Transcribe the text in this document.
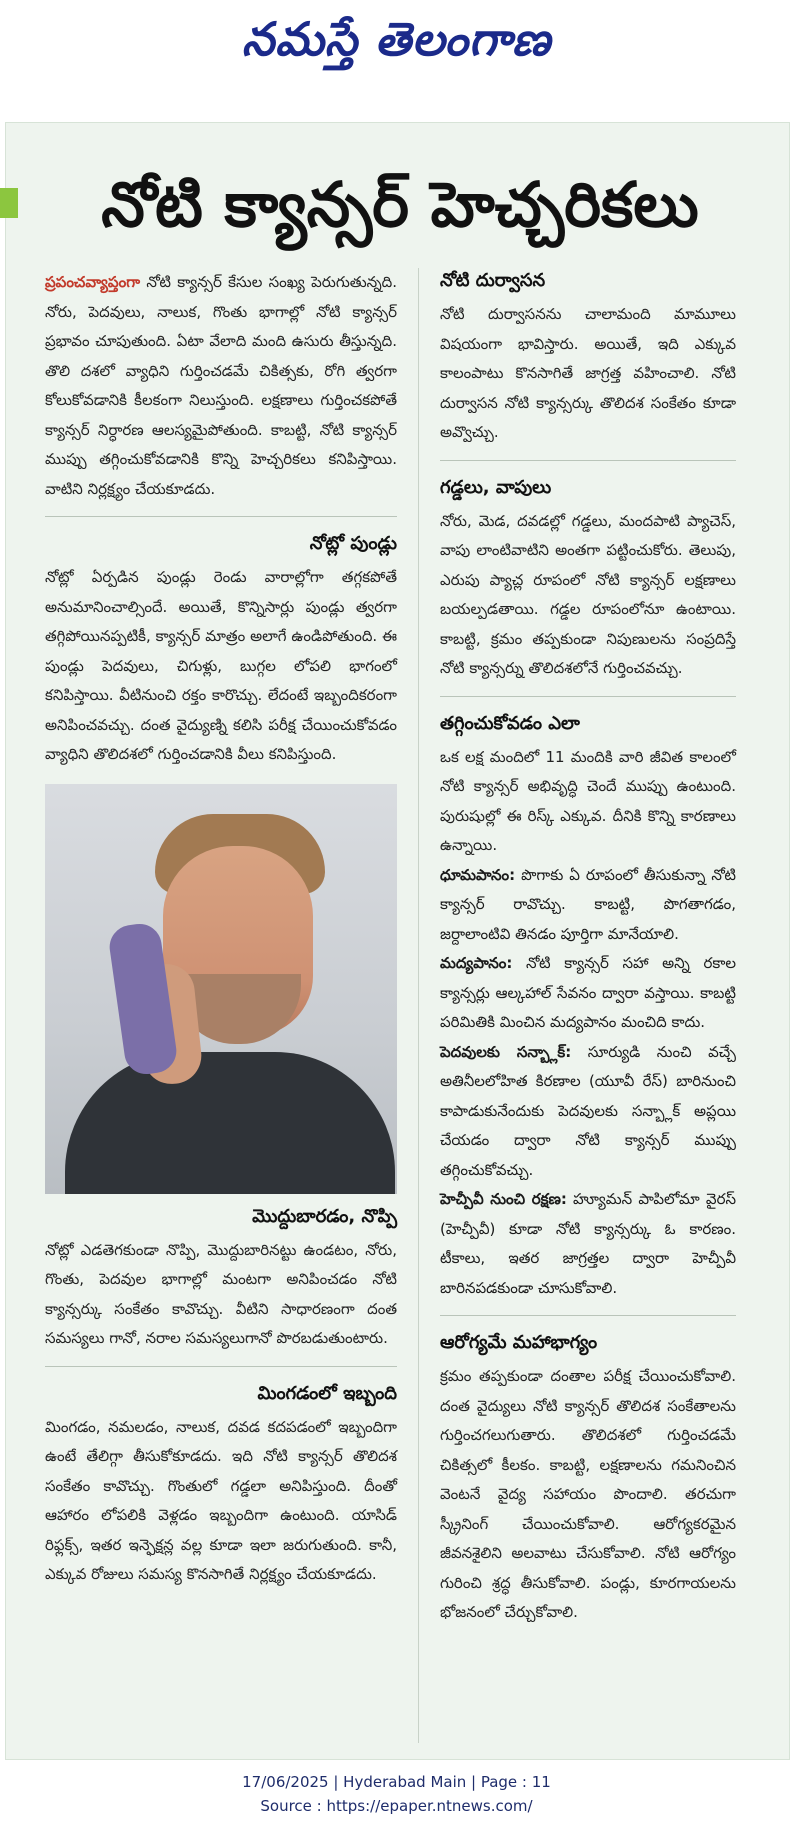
నమస్తే తెలంగాణ
నోటి క్యాన్సర్ హెచ్చరికలు

ప్రపంచవ్యాప్తంగా నోటి క్యాన్సర్ కేసుల సంఖ్య పెరుగుతున్నది. నోరు, పెదవులు, నాలుక, గొంతు భాగాల్లో నోటి క్యాన్సర్ ప్రభావం చూపుతుంది. ఏటా వేలాది మంది ఉసురు తీస్తున్నది. తొలి దశలో వ్యాధిని గుర్తించడమే చికిత్సకు, రోగి త్వరగా కోలుకోవడానికి కీలకంగా నిలుస్తుంది. లక్షణాలు గుర్తించకపోతే క్యాన్సర్ నిర్ధారణ ఆలస్యమైపోతుంది. కాబట్టి, నోటి క్యాన్సర్ ముప్పు తగ్గించుకోవడానికి కొన్ని హెచ్చరికలు కనిపిస్తాయి. వాటిని నిర్లక్ష్యం చేయకూడదు.

నోట్లో పుండ్లు

నోట్లో ఏర్పడిన పుండ్లు రెండు వారాల్లోగా తగ్గకపోతే అనుమానించాల్సిందే. అయితే, కొన్నిసార్లు పుండ్లు త్వరగా తగ్గిపోయినప్పటికీ, క్యాన్సర్ మాత్రం అలాగే ఉండిపోతుంది. ఈ పుండ్లు పెదవులు, చిగుళ్లు, బుగ్గల లోపలి భాగంలో కనిపిస్తాయి. వీటినుంచి రక్తం కారొచ్చు. లేదంటే ఇబ్బందికరంగా అనిపించవచ్చు. దంత వైద్యుణ్ని కలిసి పరీక్ష చేయించుకోవడం వ్యాధిని తొలిదశలో గుర్తించడానికి వీలు కనిపిస్తుంది.

మొద్దుబారడం, నొప్పి

నోట్లో ఎడతెగకుండా నొప్పి, మొద్దుబారినట్టు ఉండటం, నోరు, గొంతు, పెదవుల భాగాల్లో మంటగా అనిపించడం నోటి క్యాన్సర్కు సంకేతం కావొచ్చు. వీటిని సాధారణంగా దంత సమస్యలు గానో, నరాల సమస్యలుగానో పొరబడుతుంటారు.

మింగడంలో ఇబ్బంది

మింగడం, నమలడం, నాలుక, దవడ కదపడంలో ఇబ్బందిగా ఉంటే తేలిగ్గా తీసుకోకూడదు. ఇది నోటి క్యాన్సర్ తొలిదశ సంకేతం కావొచ్చు. గొంతులో గడ్డలా అనిపిస్తుంది. దీంతో ఆహారం లోపలికి వెళ్లడం ఇబ్బందిగా ఉంటుంది. యాసిడ్ రిఫ్లక్స్, ఇతర ఇన్ఫెక్షన్ల వల్ల కూడా ఇలా జరుగుతుంది. కానీ, ఎక్కువ రోజులు సమస్య కొనసాగితే నిర్లక్ష్యం చేయకూడదు.

నోటి దుర్వాసన

నోటి దుర్వాసనను చాలామంది మామూలు విషయంగా భావిస్తారు. అయితే, ఇది ఎక్కువ కాలంపాటు కొనసాగితే జాగ్రత్త వహించాలి. నోటి దుర్వాసన నోటి క్యాన్సర్కు తొలిదశ సంకేతం కూడా అవ్వొచ్చు.

గడ్డలు, వాపులు

నోరు, మెడ, దవడల్లో గడ్డలు, మందపాటి ప్యాచెస్, వాపు లాంటివాటిని అంతగా పట్టించుకోరు. తెలుపు, ఎరుపు ప్యాచ్ల రూపంలో నోటి క్యాన్సర్ లక్షణాలు బయల్పడతాయి. గడ్డల రూపంలోనూ ఉంటాయి. కాబట్టి, క్రమం తప్పకుండా నిపుణులను సంప్రదిస్తే నోటి క్యాన్సర్ను తొలిదశలోనే గుర్తించవచ్చు.

తగ్గించుకోవడం ఎలా

ఒక లక్ష మందిలో 11 మందికి వారి జీవిత కాలంలో నోటి క్యాన్సర్ అభివృద్ధి చెందే ముప్పు ఉంటుంది. పురుషుల్లో ఈ రిస్క్ ఎక్కువ. దీనికి కొన్ని కారణాలు ఉన్నాయి.

ధూమపానం: పొగాకు ఏ రూపంలో తీసుకున్నా నోటి క్యాన్సర్ రావొచ్చు. కాబట్టి, పొగతాగడం, జర్దాలాంటివి తినడం పూర్తిగా మానేయాలి.

మద్యపానం: నోటి క్యాన్సర్ సహా అన్ని రకాల క్యాన్సర్లు ఆల్కహాల్ సేవనం ద్వారా వస్తాయి. కాబట్టి పరిమితికి మించిన మద్యపానం మంచిది కాదు.

పెదవులకు సన్బ్లాక్: సూర్యుడి నుంచి వచ్చే అతినీలలోహిత కిరణాల (యూవీ రేస్) బారినుంచి కాపాడుకునేందుకు పెదవులకు సన్బ్లాక్ అప్లయి చేయడం ద్వారా నోటి క్యాన్సర్ ముప్పు తగ్గించుకోవచ్చు.

హెచ్పీవీ నుంచి రక్షణ: హ్యూమన్ పాపిలోమా వైరస్ (హెచ్పీవీ) కూడా నోటి క్యాన్సర్కు ఓ కారణం. టీకాలు, ఇతర జాగ్రత్తల ద్వారా హెచ్పీవీ బారినపడకుండా చూసుకోవాలి.

ఆరోగ్యమే మహాభాగ్యం

క్రమం తప్పకుండా దంతాల పరీక్ష చేయించుకోవాలి. దంత వైద్యులు నోటి క్యాన్సర్ తొలిదశ సంకేతాలను గుర్తించగలుగుతారు. తొలిదశలో గుర్తించడమే చికిత్సలో కీలకం. కాబట్టి, లక్షణాలను గమనించిన వెంటనే వైద్య సహాయం పొందాలి. తరచుగా స్క్రీనింగ్ చేయించుకోవాలి. ఆరోగ్యకరమైన జీవనశైలిని అలవాటు చేసుకోవాలి. నోటి ఆరోగ్యం గురించి శ్రద్ధ తీసుకోవాలి. పండ్లు, కూరగాయలను భోజనంలో చేర్చుకోవాలి.

17/06/2025 | Hyderabad Main | Page : 11
Source : https://epaper.ntnews.com/
